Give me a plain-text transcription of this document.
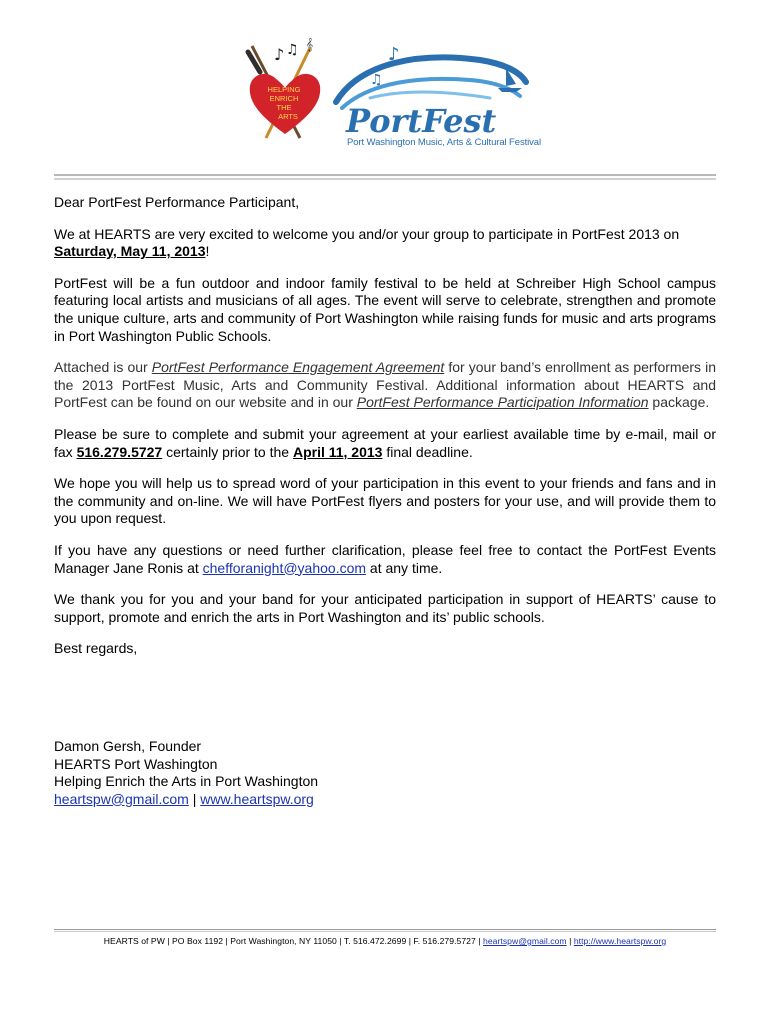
♪ ♫ 𝄞
HELPING
ENRICH
THE
ARTS
♪
♫
PortFest
Port Washington Music, Arts & Cultural Festival

Dear PortFest Performance Participant,

We at HEARTS are very excited to welcome you and/or your group to participate in PortFest 2013 on Saturday, May 11, 2013!

PortFest will be a fun outdoor and indoor family festival to be held at Schreiber High School campus featuring local artists and musicians of all ages. The event will serve to celebrate, strengthen and promote the unique culture, arts and community of Port Washington while raising funds for music and arts programs in Port Washington Public Schools.

Attached is our PortFest Performance Engagement Agreement for your band’s enrollment as performers in the 2013 PortFest Music, Arts and Community Festival. Additional information about HEARTS and PortFest can be found on our website and in our PortFest Performance Participation Information package.

Please be sure to complete and submit your agreement at your earliest available time by e-mail, mail or fax 516.279.5727 certainly prior to the April 11, 2013 final deadline.

We hope you will help us to spread word of your participation in this event to your friends and fans and in the community and on-line. We will have PortFest flyers and posters for your use, and will provide them to you upon request.

If you have any questions or need further clarification, please feel free to contact the PortFest Events Manager Jane Ronis at chefforanight@yahoo.com at any time.

We thank you for you and your band for your anticipated participation in support of HEARTS’ cause to support, promote and enrich the arts in Port Washington and its’ public schools.

Best regards,

Damon Gersh, Founder
HEARTS Port Washington
Helping Enrich the Arts in Port Washington
heartspw@gmail.com | www.heartspw.org
HEARTS of PW | PO Box 1192 | Port Washington, NY 11050 | T. 516.472.2699 | F. 516.279.5727 | heartspw@gmail.com | http://www.heartspw.org
